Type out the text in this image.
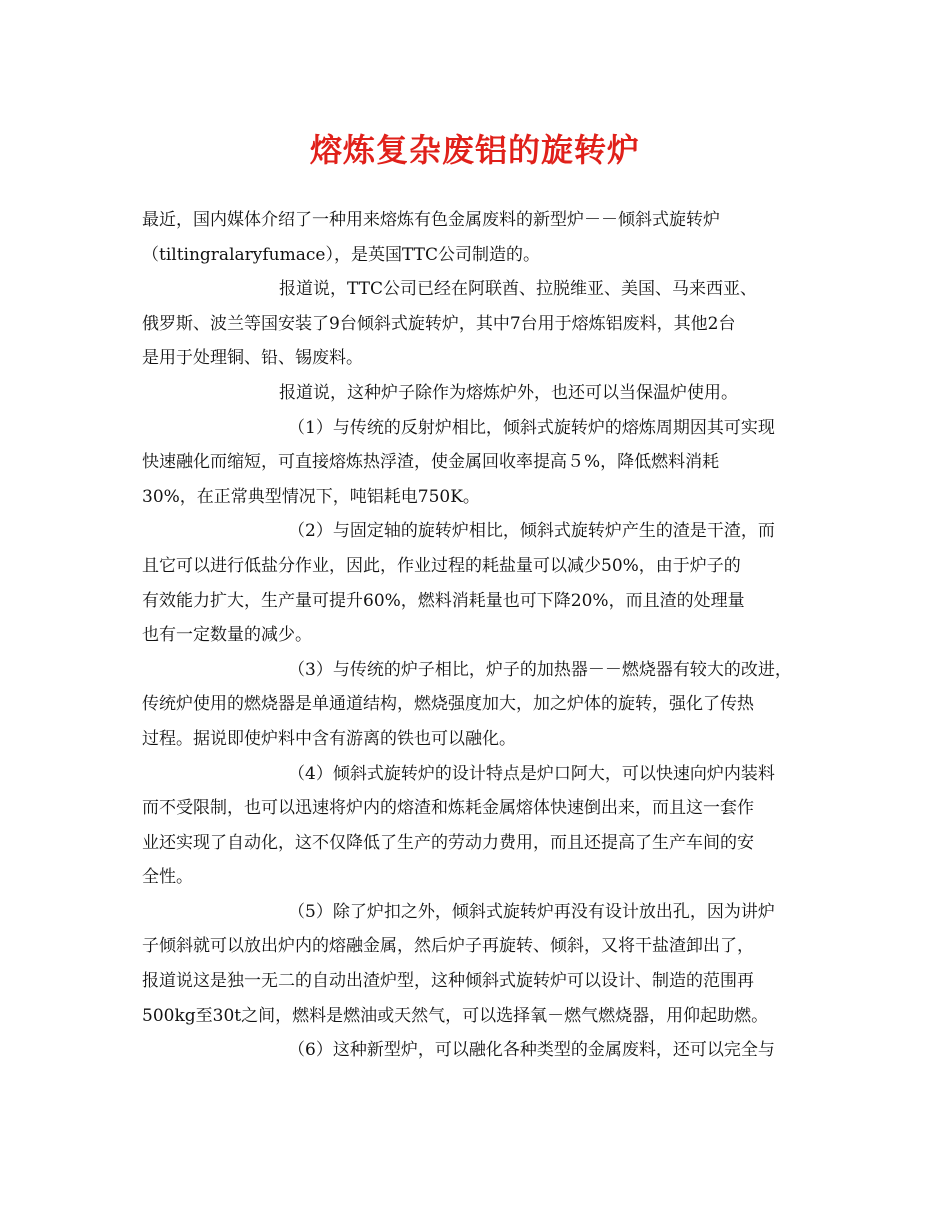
熔炼复杂废铝的旋转炉
最近，国内媒体介绍了一种用来熔炼有色金属废料的新型炉－－倾斜式旋转炉
（tiltingralaryfumace），是英国TTC公司制造的。
报道说，TTC公司已经在阿联酋、拉脱维亚、美国、马来西亚、
俄罗斯、波兰等国安装了9台倾斜式旋转炉，其中7台用于熔炼铝废料，其他2台
是用于处理铜、铅、锡废料。
报道说，这种炉子除作为熔炼炉外，也还可以当保温炉使用。
（1）与传统的反射炉相比，倾斜式旋转炉的熔炼周期因其可实现
快速融化而缩短，可直接熔炼热浮渣，使金属回收率提高５%，降低燃料消耗
30%，在正常典型情况下，吨铝耗电750K。
（2）与固定轴的旋转炉相比，倾斜式旋转炉产生的渣是干渣，而
且它可以进行低盐分作业，因此，作业过程的耗盐量可以减少50%，由于炉子的
有效能力扩大，生产量可提升60%，燃料消耗量也可下降20%，而且渣的处理量
也有一定数量的减少。
（3）与传统的炉子相比，炉子的加热器－－燃烧器有较大的改进，
传统炉使用的燃烧器是单通道结构，燃烧强度加大，加之炉体的旋转，强化了传热
过程。据说即使炉料中含有游离的铁也可以融化。
（4）倾斜式旋转炉的设计特点是炉口阿大，可以快速向炉内装料
而不受限制，也可以迅速将炉内的熔渣和炼耗金属熔体快速倒出来，而且这一套作
业还实现了自动化，这不仅降低了生产的劳动力费用，而且还提高了生产车间的安
全性。
（5）除了炉扣之外，倾斜式旋转炉再没有设计放出孔，因为讲炉
子倾斜就可以放出炉内的熔融金属，然后炉子再旋转、倾斜，又将干盐渣卸出了，
报道说这是独一无二的自动出渣炉型，这种倾斜式旋转炉可以设计、制造的范围再
500kg至30t之间，燃料是燃油或天然气，可以选择氧－燃气燃烧器，用仰起助燃。
（6）这种新型炉，可以融化各种类型的金属废料，还可以完全与
